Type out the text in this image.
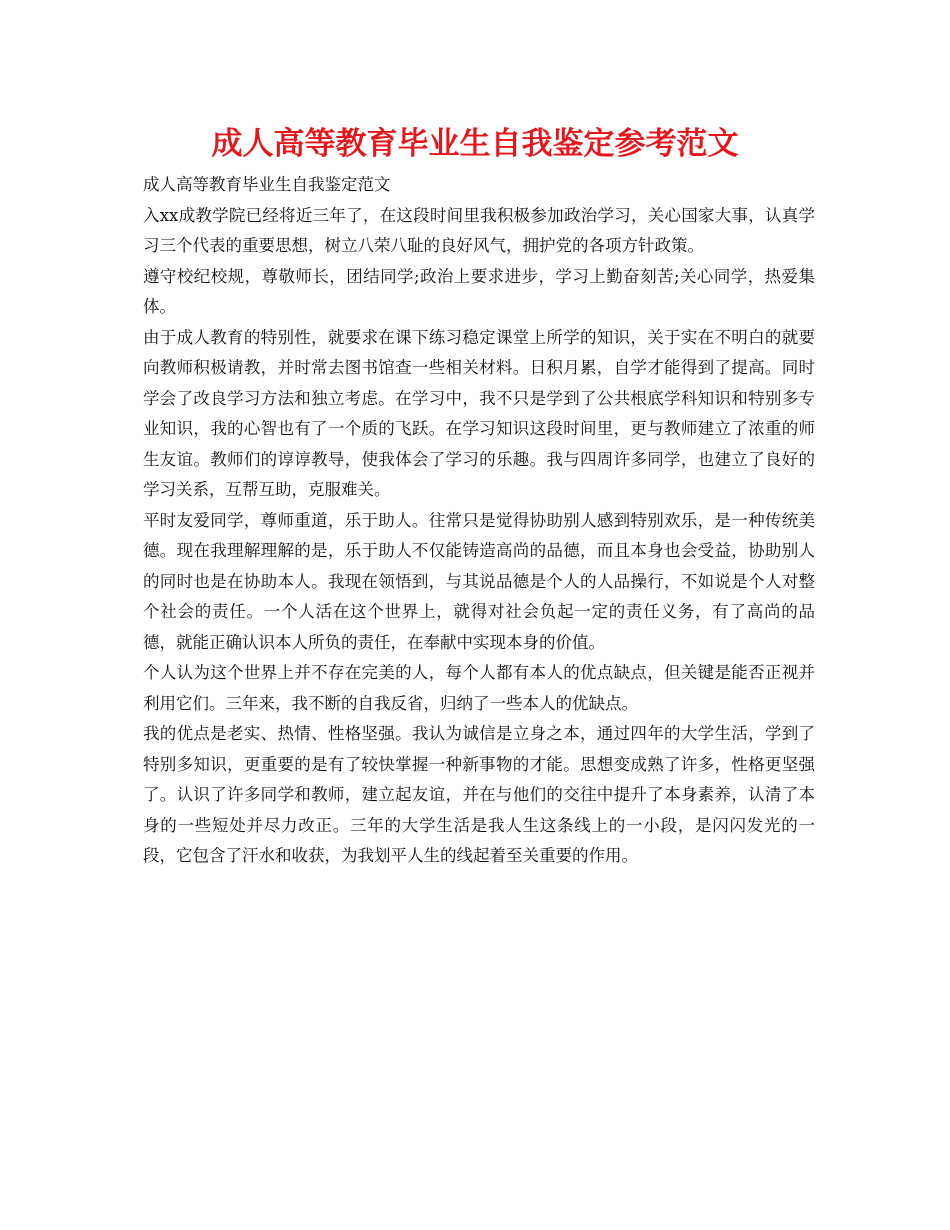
成人高等教育毕业生自我鉴定参考范文

成人高等教育毕业生自我鉴定范文

入xx成教学院已经将近三年了，在这段时间里我积极参加政治学习，关心国家大事，认真学习三个代表的重要思想，树立八荣八耻的良好风气，拥护党的各项方针政策。

遵守校纪校规，尊敬师长，团结同学;政治上要求进步，学习上勤奋刻苦;关心同学，热爱集体。

由于成人教育的特别性，就要求在课下练习稳定课堂上所学的知识，关于实在不明白的就要向教师积极请教，并时常去图书馆查一些相关材料。日积月累，自学才能得到了提高。同时学会了改良学习方法和独立考虑。在学习中，我不只是学到了公共根底学科知识和特别多专业知识，我的心智也有了一个质的飞跃。在学习知识这段时间里，更与教师建立了浓重的师生友谊。教师们的谆谆教导，使我体会了学习的乐趣。我与四周许多同学，也建立了良好的学习关系，互帮互助，克服难关。

平时友爱同学，尊师重道，乐于助人。往常只是觉得协助别人感到特别欢乐，是一种传统美德。现在我理解理解的是，乐于助人不仅能铸造高尚的品德，而且本身也会受益，协助别人的同时也是在协助本人。我现在领悟到，与其说品德是个人的人品操行，不如说是个人对整个社会的责任。一个人活在这个世界上，就得对社会负起一定的责任义务，有了高尚的品德，就能正确认识本人所负的责任，在奉献中实现本身的价值。

个人认为这个世界上并不存在完美的人，每个人都有本人的优点缺点，但关键是能否正视并利用它们。三年来，我不断的自我反省，归纳了一些本人的优缺点。

我的优点是老实、热情、性格坚强。我认为诚信是立身之本，通过四年的大学生活，学到了特别多知识，更重要的是有了较快掌握一种新事物的才能。思想变成熟了许多，性格更坚强了。认识了许多同学和教师，建立起友谊，并在与他们的交往中提升了本身素养，认清了本身的一些短处并尽力改正。三年的大学生活是我人生这条线上的一小段，是闪闪发光的一段，它包含了汗水和收获，为我划平人生的线起着至关重要的作用。
